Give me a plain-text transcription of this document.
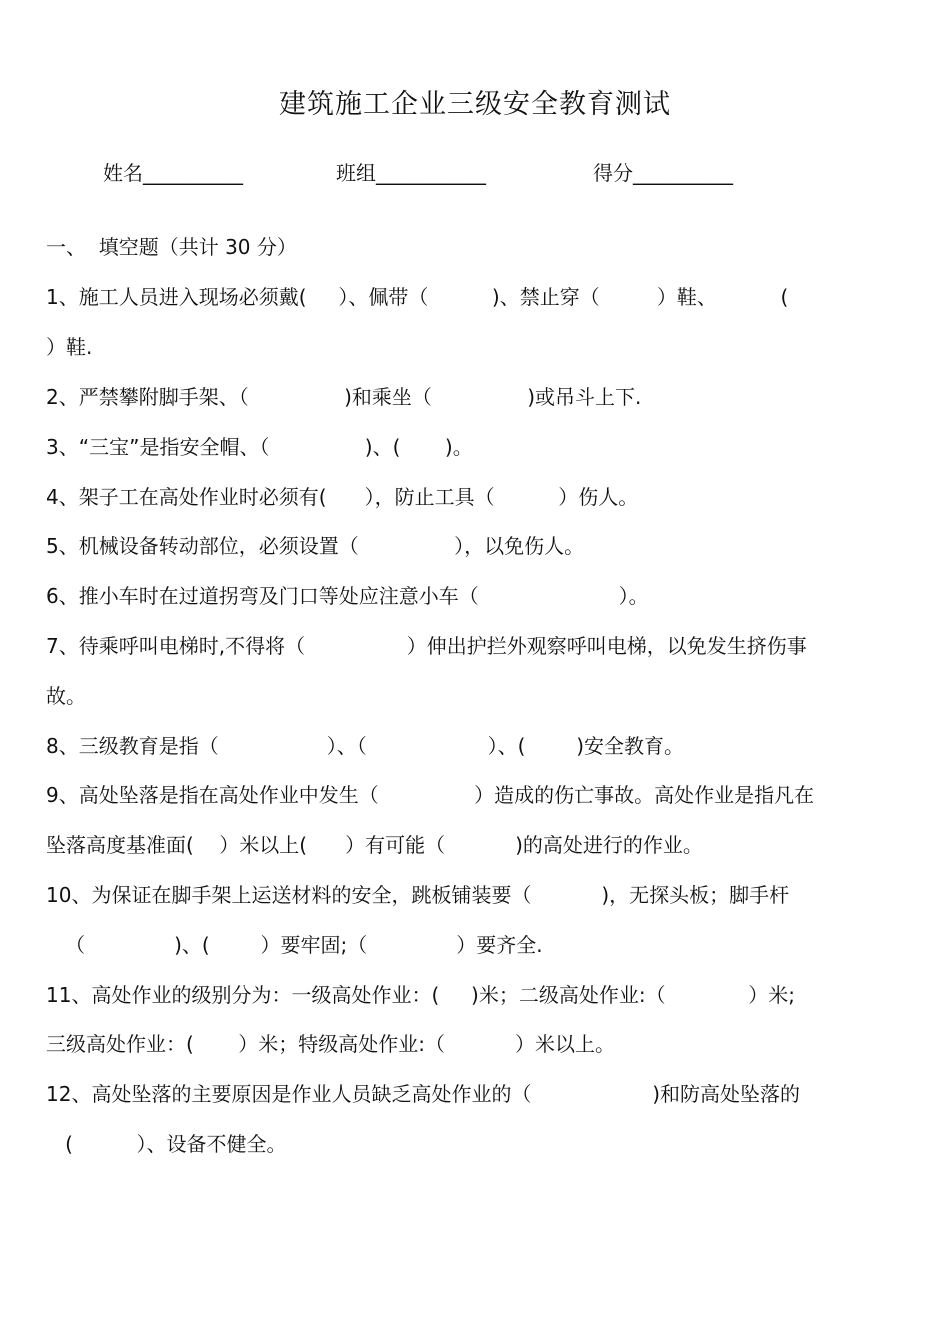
建筑施工企业三级安全教育测试
姓名__________	班组___________	得分__________
一、  填空题（共计 30 分）
1、施工人员进入现场必须戴(     ）、佩带（          )、禁止穿（         ）鞋、          (
）鞋.
2、严禁攀附脚手架、（               )和乘坐（               )或吊斗上下.
3、“三宝”是指安全帽、（               )、(       )。
4、架子工在高处作业时必须有(      ），防止工具（          ）伤人。
5、机械设备转动部位，必须设置（               ），以免伤人。
6、推小车时在过道拐弯及门口等处应注意小车（                      ）。
7、待乘呼叫电梯时,不得将（                ）伸出护拦外观察呼叫电梯，以免发生挤伤事
故。
8、三级教育是指（                 ）、（                   ）、(        )安全教育。
9、高处坠落是指在高处作业中发生（               ）造成的伤亡事故。高处作业是指凡在
坠落高度基准面(    ）米以上(      ）有可能（           )的高处进行的作业。
10、为保证在脚手架上运送材料的安全，跳板铺装要（           )，无探头板；脚手杆
（              )、(        ）要牢固;（              ）要齐全.
11、高处作业的级别分为：一级高处作业：(     )米；二级高处作业:（             ）米;
三级高处作业：(       ）米；特级高处作业:（           ）米以上。
12、高处坠落的主要原因是作业人员缺乏高处作业的（                   )和防高处坠落的
(          ）、设备不健全。
